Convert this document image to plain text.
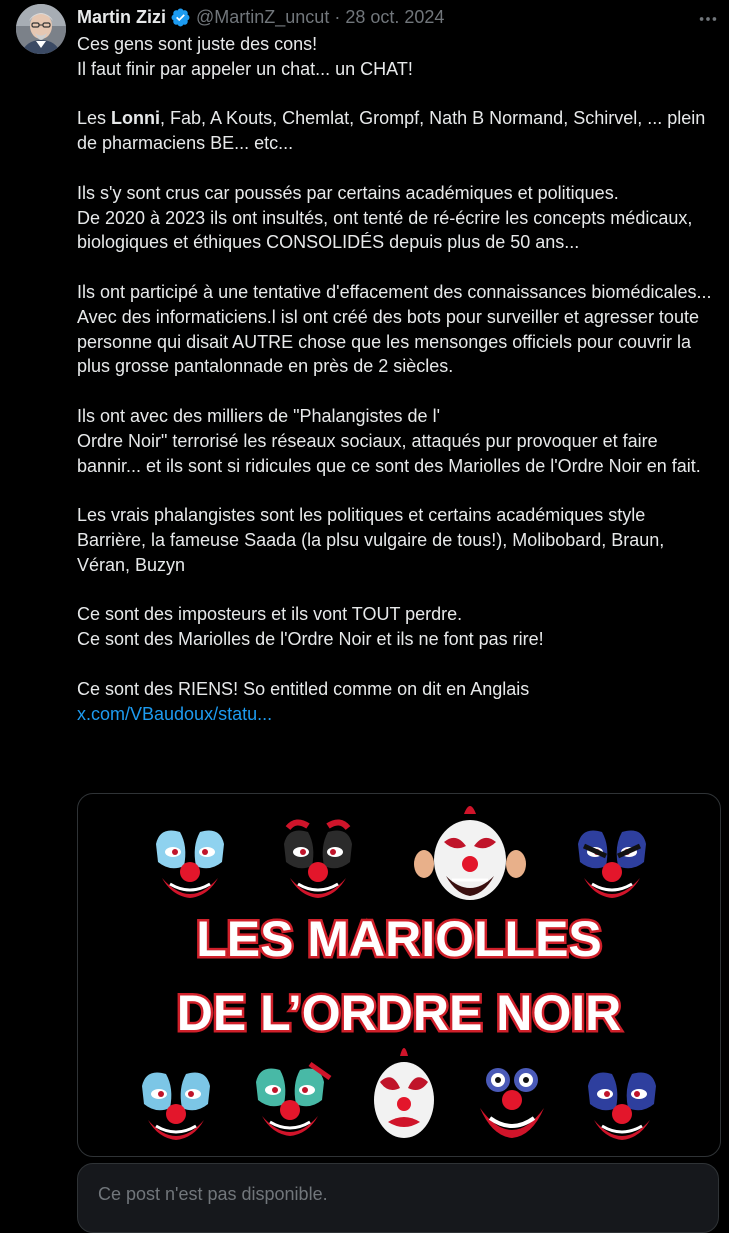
Martin Zizi @MartinZ_uncut · 28 oct. 2024

Ces gens sont juste des cons!
Il faut finir par appeler un chat... un CHAT!

Les Lonni, Fab, A Kouts, Chemlat, Grompf, Nath B Normand, Schirvel, ... plein de pharmaciens BE... etc...

Ils s'y sont crus car poussés par certains académiques et politiques.
De 2020 à 2023 ils ont insultés, ont tenté de ré-écrire les concepts médicaux, biologiques et éthiques CONSOLIDÉS depuis plus de 50 ans...

Ils ont participé à une tentative d'effacement des connaissances biomédicales...
Avec des informaticiens.l isl ont créé des bots pour surveiller et agresser toute personne qui disait AUTRE chose que les mensonges officiels pour couvrir la plus grosse pantalonnade en près de 2 siècles.

Ils ont avec des milliers de "Phalangistes de l'
Ordre Noir" terrorisé les réseaux sociaux, attaqués pur provoquer et faire bannir... et ils sont si ridicules que ce sont des Mariolles de l'Ordre Noir en fait.

Les vrais phalangistes sont les politiques et certains académiques style Barrière, la fameuse Saada (la plsu vulgaire de tous!), Molibobard, Braun, Véran, Buzyn

Ce sont des imposteurs et ils vont TOUT perdre.
Ce sont des Mariolles de l'Ordre Noir et ils ne font pas rire!

Ce sont des RIENS! So entitled comme on dit en Anglais
x.com/VBaudoux/statu...

LES MARIOLLES
DE L’ORDRE NOIR
Ce post n'est pas disponible.
